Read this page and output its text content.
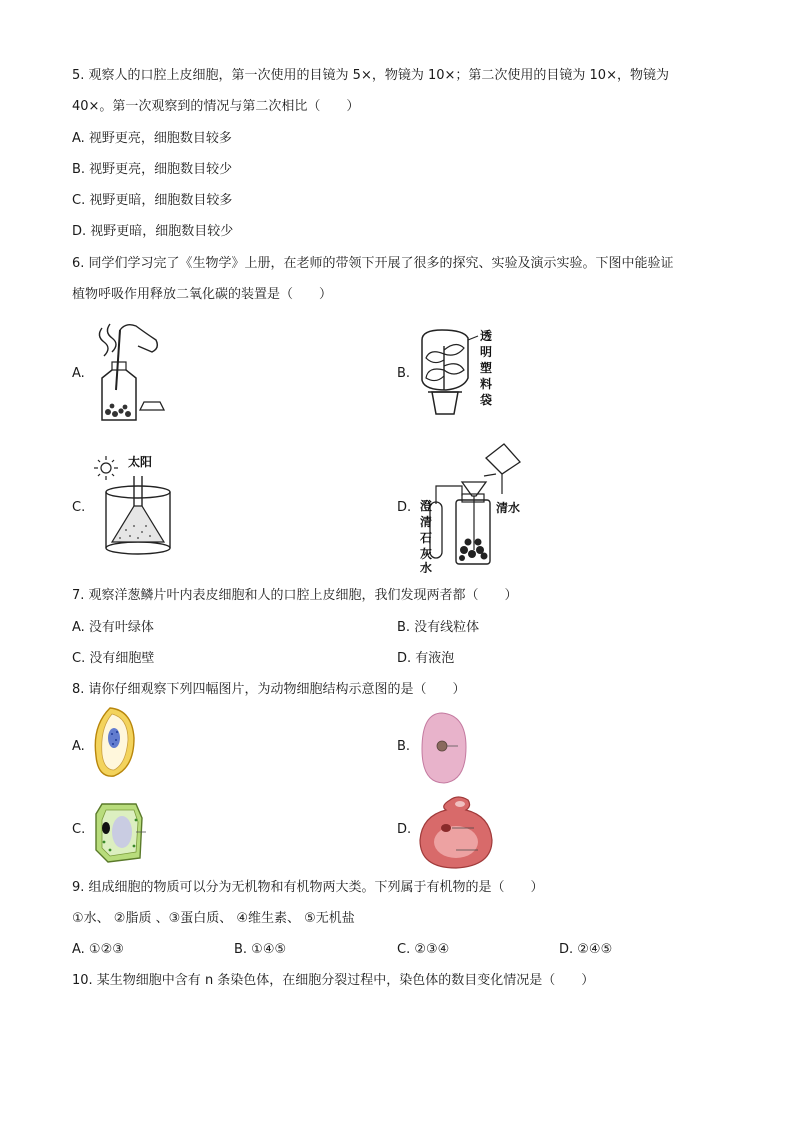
5. 观察人的口腔上皮细胞，第一次使用的目镜为 5×，物镜为 10×；第二次使用的目镜为 10×，物镜为
40×。第一次观察到的情况与第二次相比（　　）
A. 视野更亮，细胞数目较多
B. 视野更亮，细胞数目较少
C. 视野更暗，细胞数目较多
D. 视野更暗，细胞数目较少
6. 同学们学习完了《生物学》上册，在老师的带领下开展了很多的探究、实验及演示实验。下图中能验证
植物呼吸作用释放二氧化碳的装置是（　　）
A.	B.
透
明
塑
料
袋
C.
太阳
D. 澄
清
石
灰
水
清水
7. 观察洋葱鳞片叶内表皮细胞和人的口腔上皮细胞，我们发现两者都（　　）
A. 没有叶绿体	B. 没有线粒体
C. 没有细胞壁	D. 有液泡
8. 请你仔细观察下列四幅图片，为动物细胞结构示意图的是（　　）
A.	B.
C.	D.
9. 组成细胞的物质可以分为无机物和有机物两大类。下列属于有机物的是（　　）
①水、 ②脂质 、③蛋白质、 ④维生素、 ⑤无机盐
A. ①②③	B. ①④⑤	C. ②③④	D. ②④⑤
10. 某生物细胞中含有 n 条染色体，在细胞分裂过程中，染色体的数目变化情况是（　　）
